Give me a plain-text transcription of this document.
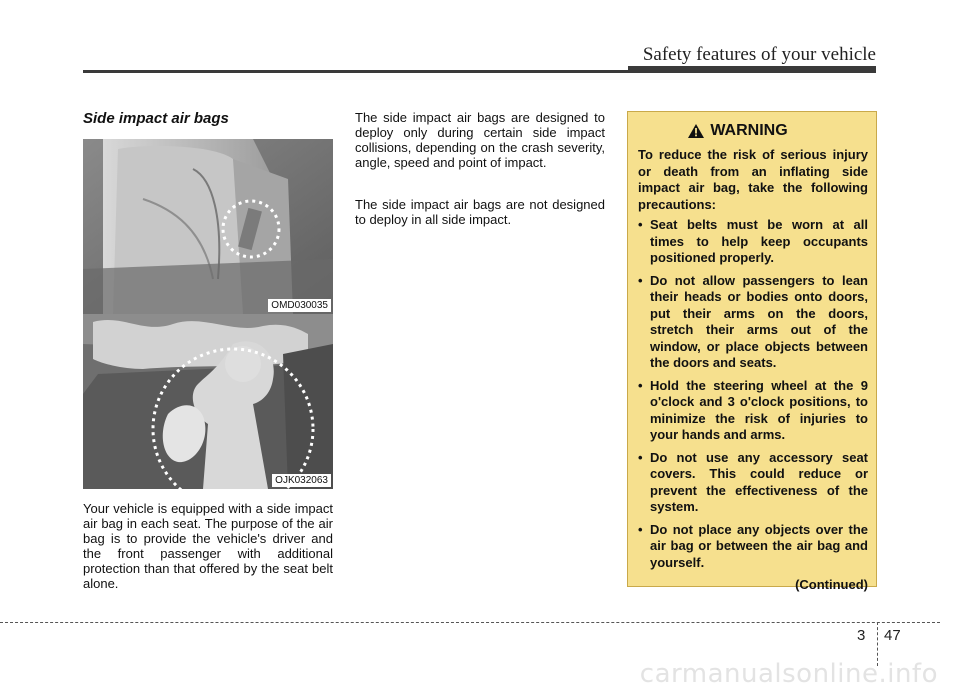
Safety features of your vehicle
Side impact air bags
OMD030035
OJK032063

Your vehicle is equipped with a side impact air bag in each seat. The purpose of the air bag is to provide the vehicle's driver and the front passenger with additional protection than that offered by the seat belt alone.

The side impact air bags are designed to deploy only during certain side impact collisions, depending on the crash severity, angle, speed and point of impact.

The side impact air bags are not designed to deploy in all side impact.

WARNING

To reduce the risk of serious injury or death from an inflating side impact air bag, take the following precautions:

• Seat belts must be worn at all times to help keep occupants positioned properly.
• Do not allow passengers to lean their heads or bodies onto doors, put their arms on the doors, stretch their arms out of the window, or place objects between the doors and seats.
• Hold the steering wheel at the 9 o'clock and 3 o'clock positions, to minimize the risk of injuries to your hands and arms.
• Do not use any accessory seat covers. This could reduce or prevent the effectiveness of the system.
• Do not place any objects over the air bag or between the air bag and yourself.
(Continued)
3 47
carmanualsonline.info
